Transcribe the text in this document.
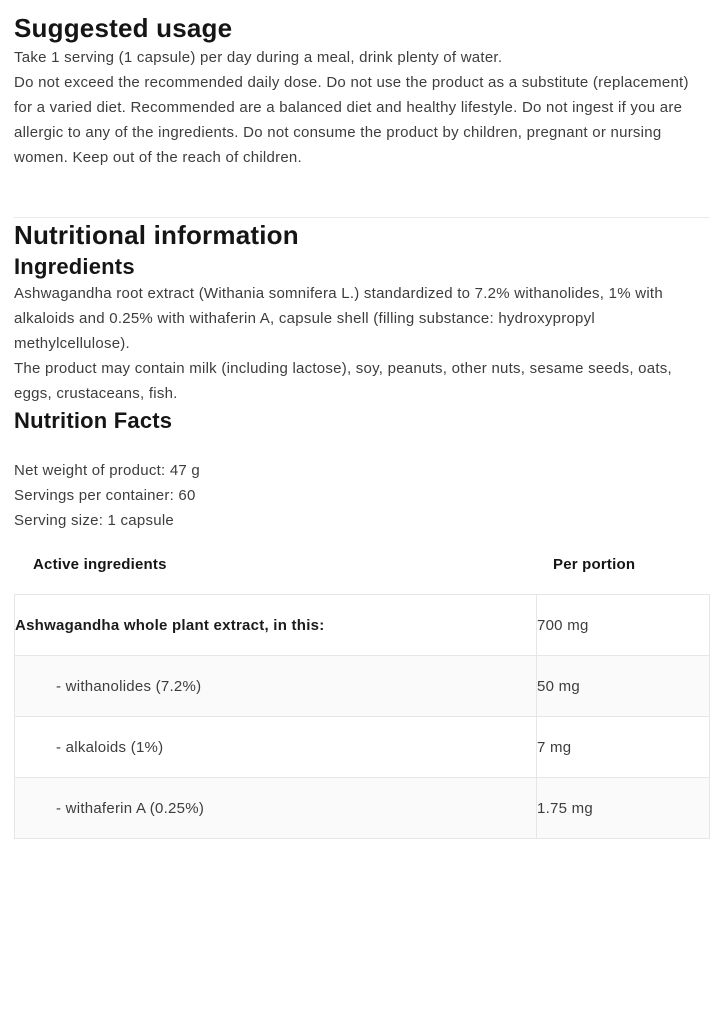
Suggested usage

Take 1 serving (1 capsule) per day during a meal, drink plenty of water.

Do not exceed the recommended daily dose. Do not use the product as a substitute (replacement) for a varied diet. Recommended are a balanced diet and healthy lifestyle. Do not ingest if you are allergic to any of the ingredients. Do not consume the product by children, pregnant or nursing women. Keep out of the reach of children.

Nutritional information
Ingredients

Ashwagandha root extract (Withania somnifera L.) standardized to 7.2% withanolides, 1% with alkaloids and 0.25% with withaferin A, capsule shell (filling substance: hydroxypropyl methylcellulose).

The product may contain milk (including lactose), soy, peanuts, other nuts, sesame seeds, oats, eggs, crustaceans, fish.

Nutrition Facts
Net weight of product: 47 g
Servings per container: 60
Serving size: 1 capsule
Active ingredients	Per portion
Ashwagandha whole plant extract, in this:	700 mg
- withanolides (7.2%)	50 mg
- alkaloids (1%)	7 mg
- withaferin A (0.25%)	1.75 mg
